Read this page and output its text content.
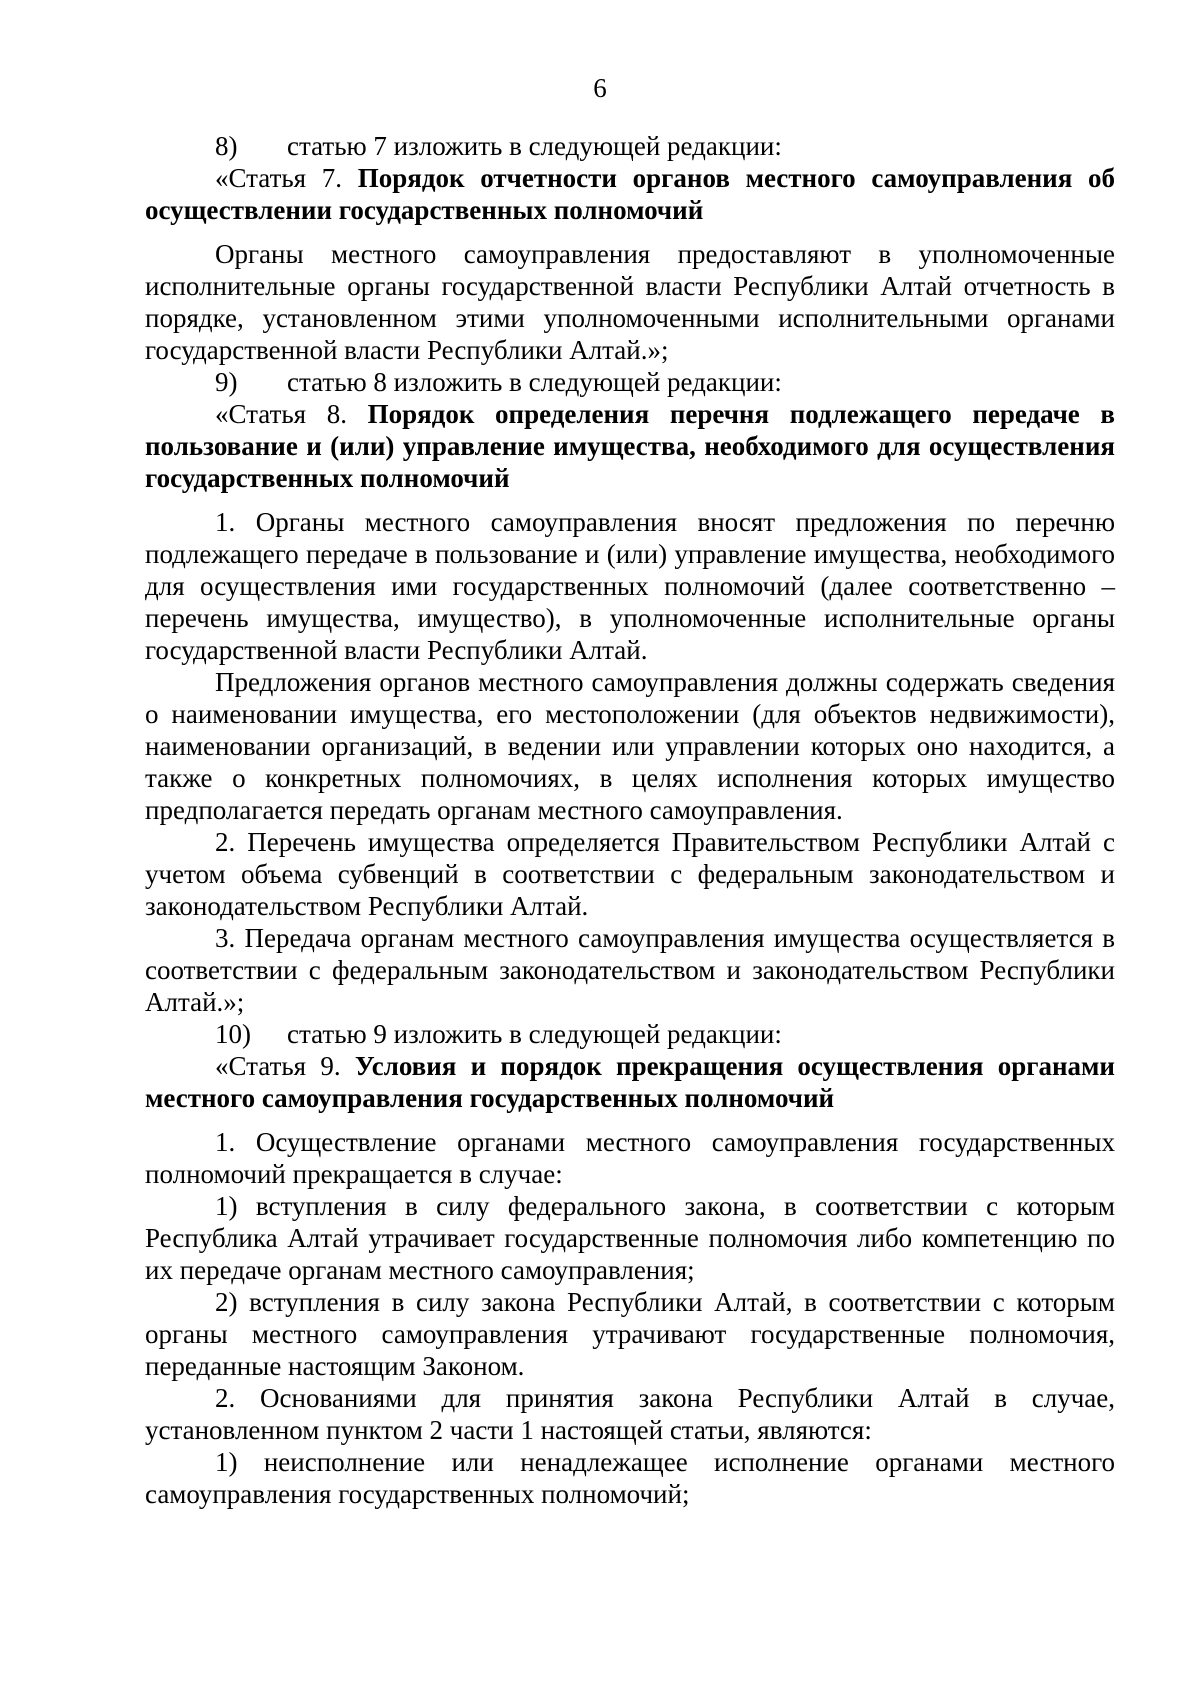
6

8) статью 7 изложить в следующей редакции:

«Статья 7. Порядок отчетности органов местного самоуправления об осуществлении государственных полномочий

Органы местного самоуправления предоставляют в уполномоченные исполнительные органы государственной власти Республики Алтай отчетность в порядке, установленном этими уполномоченными исполнительными органами государственной власти Республики Алтай.»;

9) статью 8 изложить в следующей редакции:

«Статья 8. Порядок определения перечня подлежащего передаче в пользование и (или) управление имущества, необходимого для осуществления государственных полномочий

1. Органы местного самоуправления вносят предложения по перечню подлежащего передаче в пользование и (или) управление имущества, необходимого для осуществления ими государственных полномочий (далее соответственно – перечень имущества, имущество), в уполномоченные исполнительные органы государственной власти Республики Алтай.

Предложения органов местного самоуправления должны содержать сведения о наименовании имущества, его местоположении (для объектов недвижимости), наименовании организаций, в ведении или управлении которых оно находится, а также о конкретных полномочиях, в целях исполнения которых имущество предполагается передать органам местного самоуправления.

2. Перечень имущества определяется Правительством Республики Алтай с учетом объема субвенций в соответствии с федеральным законодательством и законодательством Республики Алтай.

3. Передача органам местного самоуправления имущества осуществляется в соответствии с федеральным законодательством и законодательством Республики Алтай.»;

10) статью 9 изложить в следующей редакции:

«Статья 9. Условия и порядок прекращения осуществления органами местного самоуправления государственных полномочий

1. Осуществление органами местного самоуправления государственных полномочий прекращается в случае:

1) вступления в силу федерального закона, в соответствии с которым Республика Алтай утрачивает государственные полномочия либо компетенцию по их передаче органам местного самоуправления;

2) вступления в силу закона Республики Алтай, в соответствии с которым органы местного самоуправления утрачивают государственные полномочия, переданные настоящим Законом.

2. Основаниями для принятия закона Республики Алтай в случае, установленном пунктом 2 части 1 настоящей статьи, являются:

1) неисполнение или ненадлежащее исполнение органами местного самоуправления государственных полномочий;
